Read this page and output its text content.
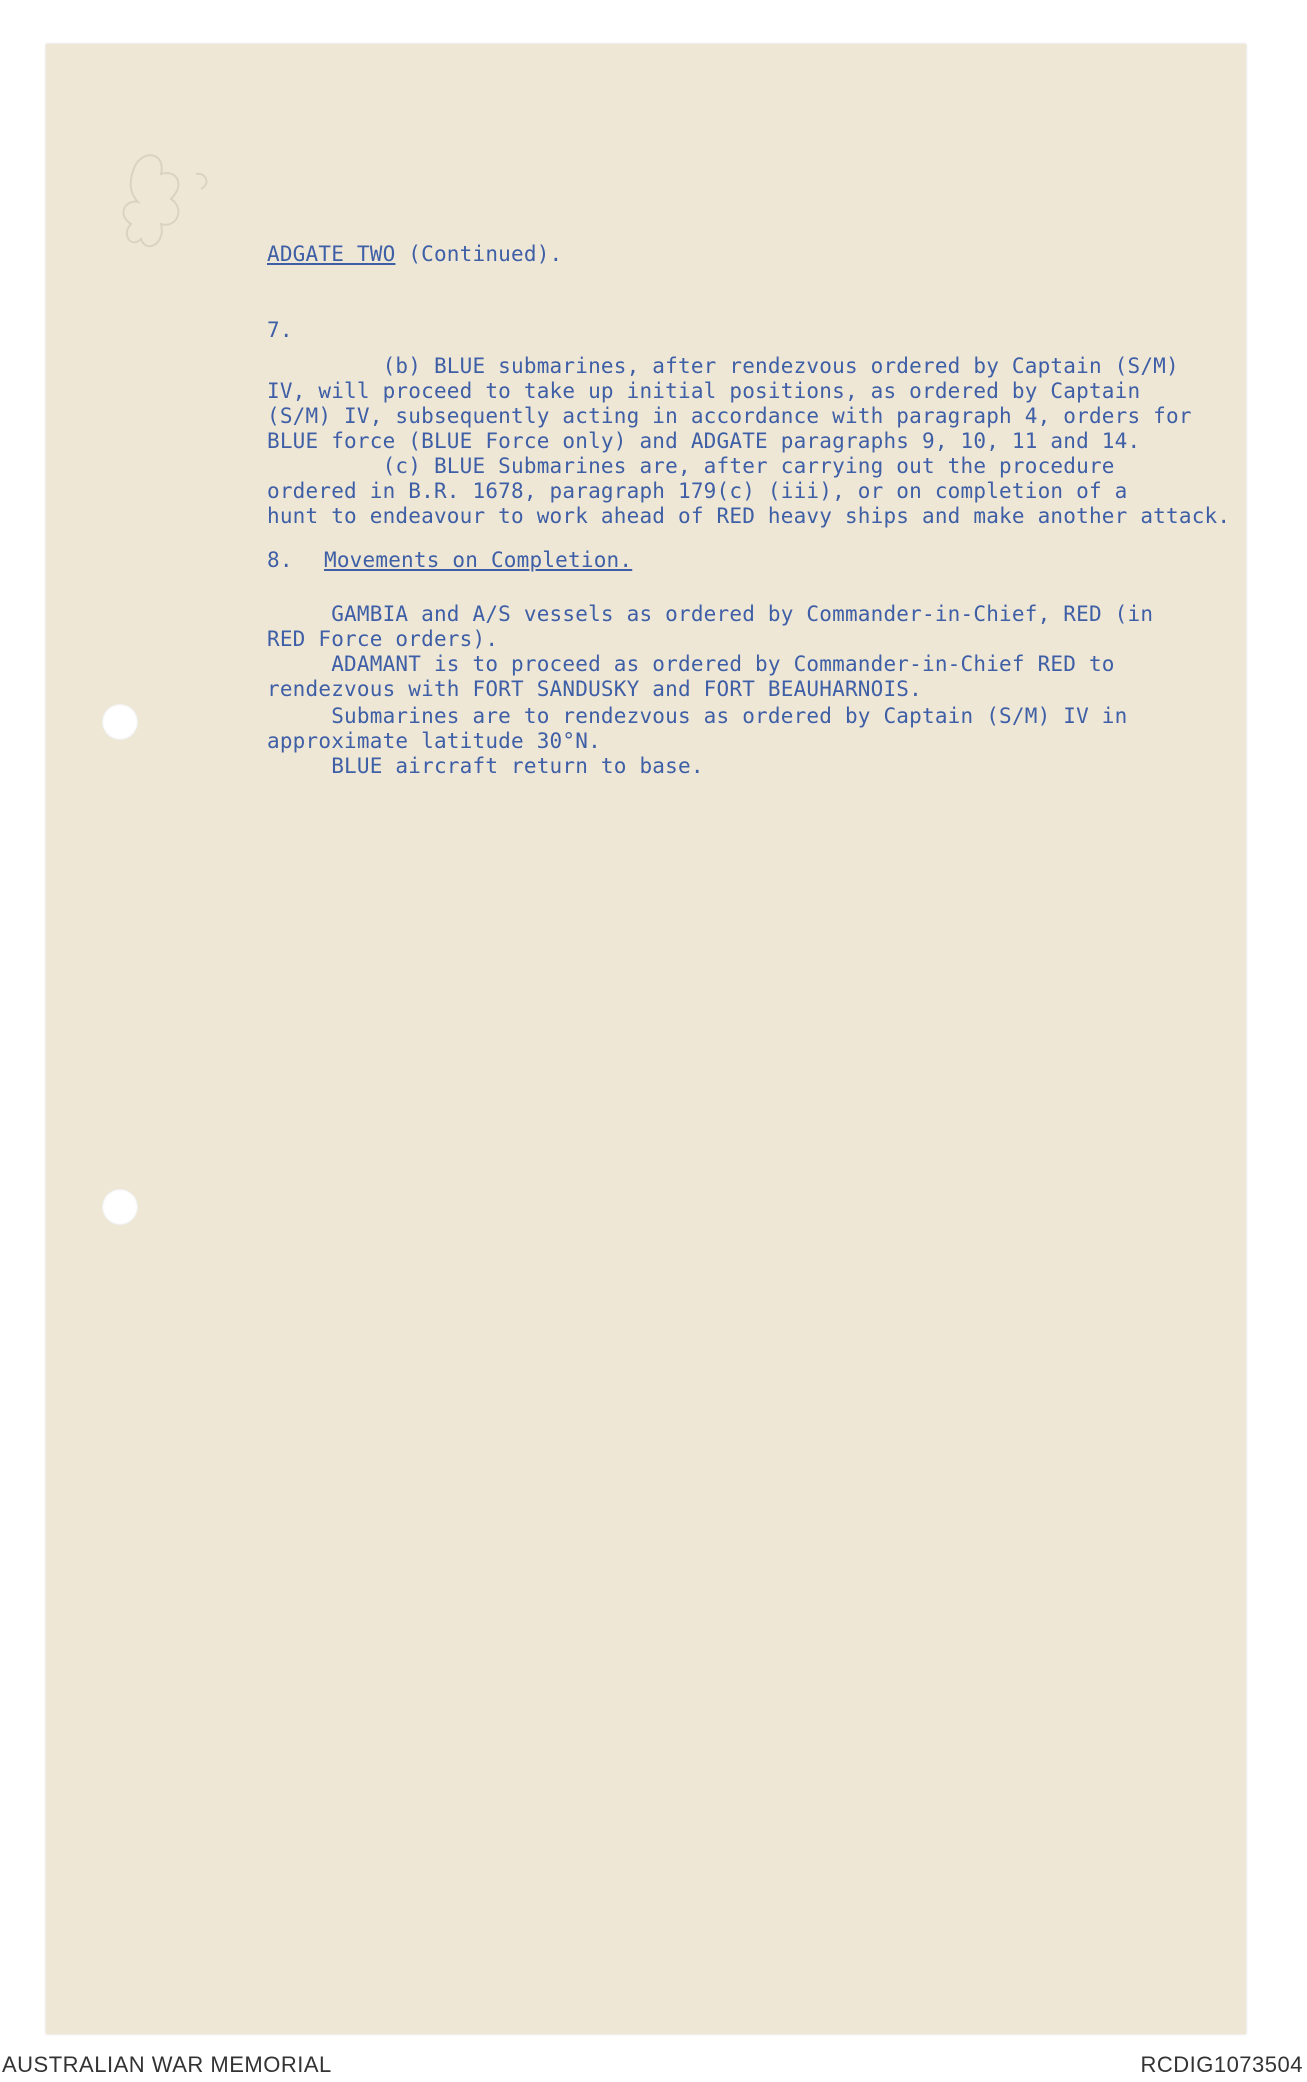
ADGATE TWO (Continued).
7.
(b) BLUE submarines, after rendezvous ordered by Captain (S/M)
IV, will proceed to take up initial positions, as ordered by Captain
(S/M) IV, subsequently acting in accordance with paragraph 4, orders for
BLUE force (BLUE Force only) and ADGATE paragraphs 9, 10, 11 and 14.
(c) BLUE Submarines are, after carrying out the procedure
ordered in B.R. 1678, paragraph 179(c) (iii), or on completion of a
hunt to endeavour to work ahead of RED heavy ships and make another attack.
8. Movements on Completion.
GAMBIA and A/S vessels as ordered by Commander-in-Chief, RED (in
RED Force orders).
ADAMANT is to proceed as ordered by Commander-in-Chief RED to
rendezvous with FORT SANDUSKY and FORT BEAUHARNOIS.
Submarines are to rendezvous as ordered by Captain (S/M) IV in
approximate latitude 30°N.
BLUE aircraft return to base.
AUSTRALIAN WAR MEMORIAL	RCDIG1073504
